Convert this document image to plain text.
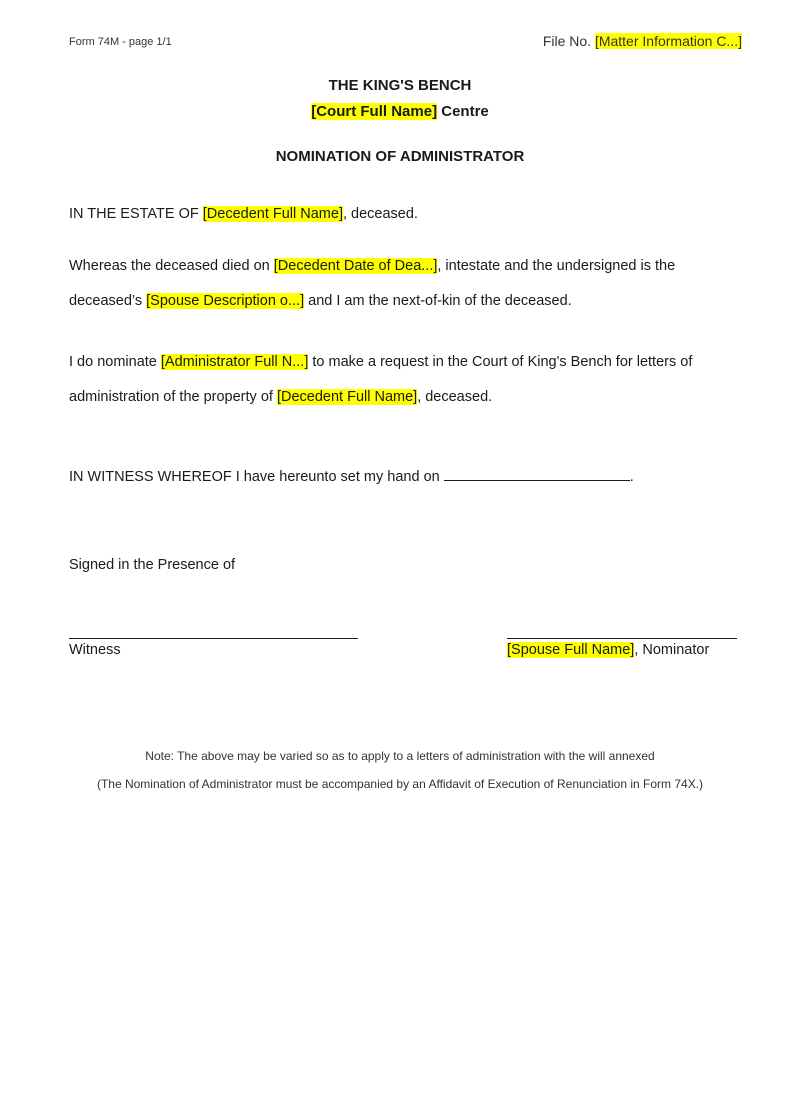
Form 74M - page 1/1	File No. [Matter Information C...]
THE KING'S BENCH
[Court Full Name] Centre
NOMINATION OF ADMINISTRATOR
IN THE ESTATE OF [Decedent Full Name], deceased.
Whereas the deceased died on [Decedent Date of Dea...], intestate and the undersigned is the
deceased’s [Spouse Description o...] and I am the next-of-kin of the deceased.
I do nominate [Administrator Full N...] to make a request in the Court of King's Bench for letters of
administration of the property of [Decedent Full Name], deceased.
IN WITNESS WHEREOF I have hereunto set my hand on	.
Signed in the Presence of
Witness	[Spouse Full Name], Nominator
Note: The above may be varied so as to apply to a letters of administration with the will annexed
(The Nomination of Administrator must be accompanied by an Affidavit of Execution of Renunciation in Form 74X.)
